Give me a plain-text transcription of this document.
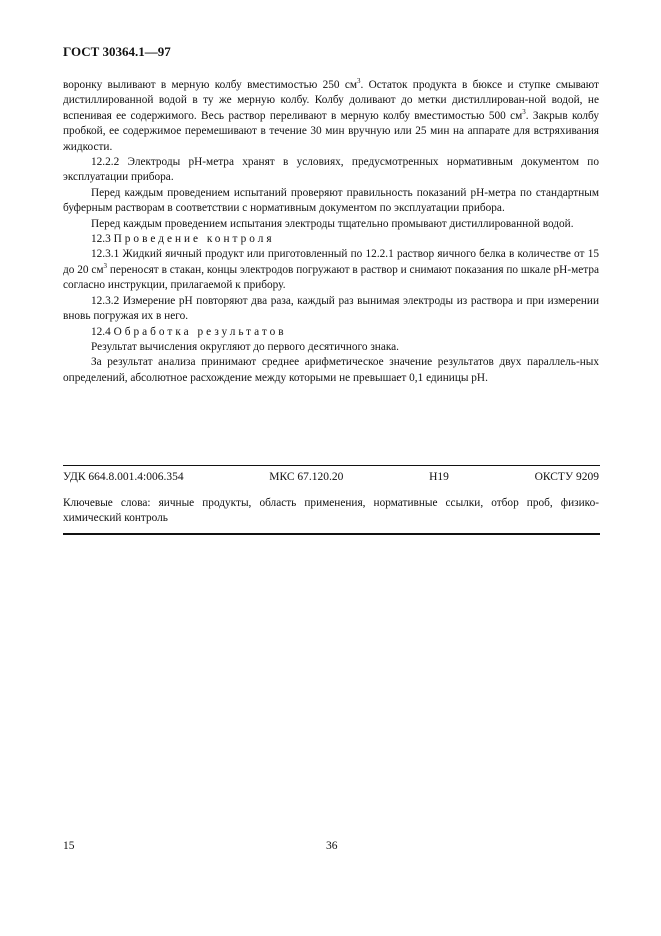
ГОСТ 30364.1—97

воронку выливают в мерную колбу вместимостью 250 $см^3$. Остаток продукта в бюксе и ступке смывают дистиллированной водой в ту же мерную колбу. Колбу доливают до метки дистиллирован-ной водой, не вспенивая ее содержимого. Весь раствор переливают в мерную колбу вместимостью 500 $см^3$. Закрыв колбу пробкой, ее содержимое перемешивают в течение 30 мин вручную или 25 мин на аппарате для встряхивания жидкости.

12.2.2 Электроды pH-метра хранят в условиях, предусмотренных нормативным документом по эксплуатации прибора.

Перед каждым проведением испытаний проверяют правильность показаний pH-метра по стандартным буферным растворам в соответствии с нормативным документом по эксплуатации прибора.

Перед каждым проведением испытания электроды тщательно промывают дистиллированной водой.

12.3 Проведение контроля

12.3.1 Жидкий яичный продукт или приготовленный по 12.2.1 раствор яичного белка в количестве от 15 до 20 $см^3$ переносят в стакан, концы электродов погружают в раствор и снимают показания по шкале pH-метра согласно инструкции, прилагаемой к прибору.

12.3.2 Измерение pH повторяют два раза, каждый раз вынимая электроды из раствора и при измерении вновь погружая их в него.

12.4 Обработка результатов

Результат вычисления округляют до первого десятичного знака.

За результат анализа принимают среднее арифметическое значение результатов двух параллель-ных определений, абсолютное расхождение между которыми не превышает 0,1 единицы pH.

УДК 664.8.001.4:006.354	МКС 67.120.20	Н19	ОКСТУ 9209
Ключевые слова: яичные продукты, область применения, нормативные ссылки, отбор проб, физико-химический контроль
15	36
